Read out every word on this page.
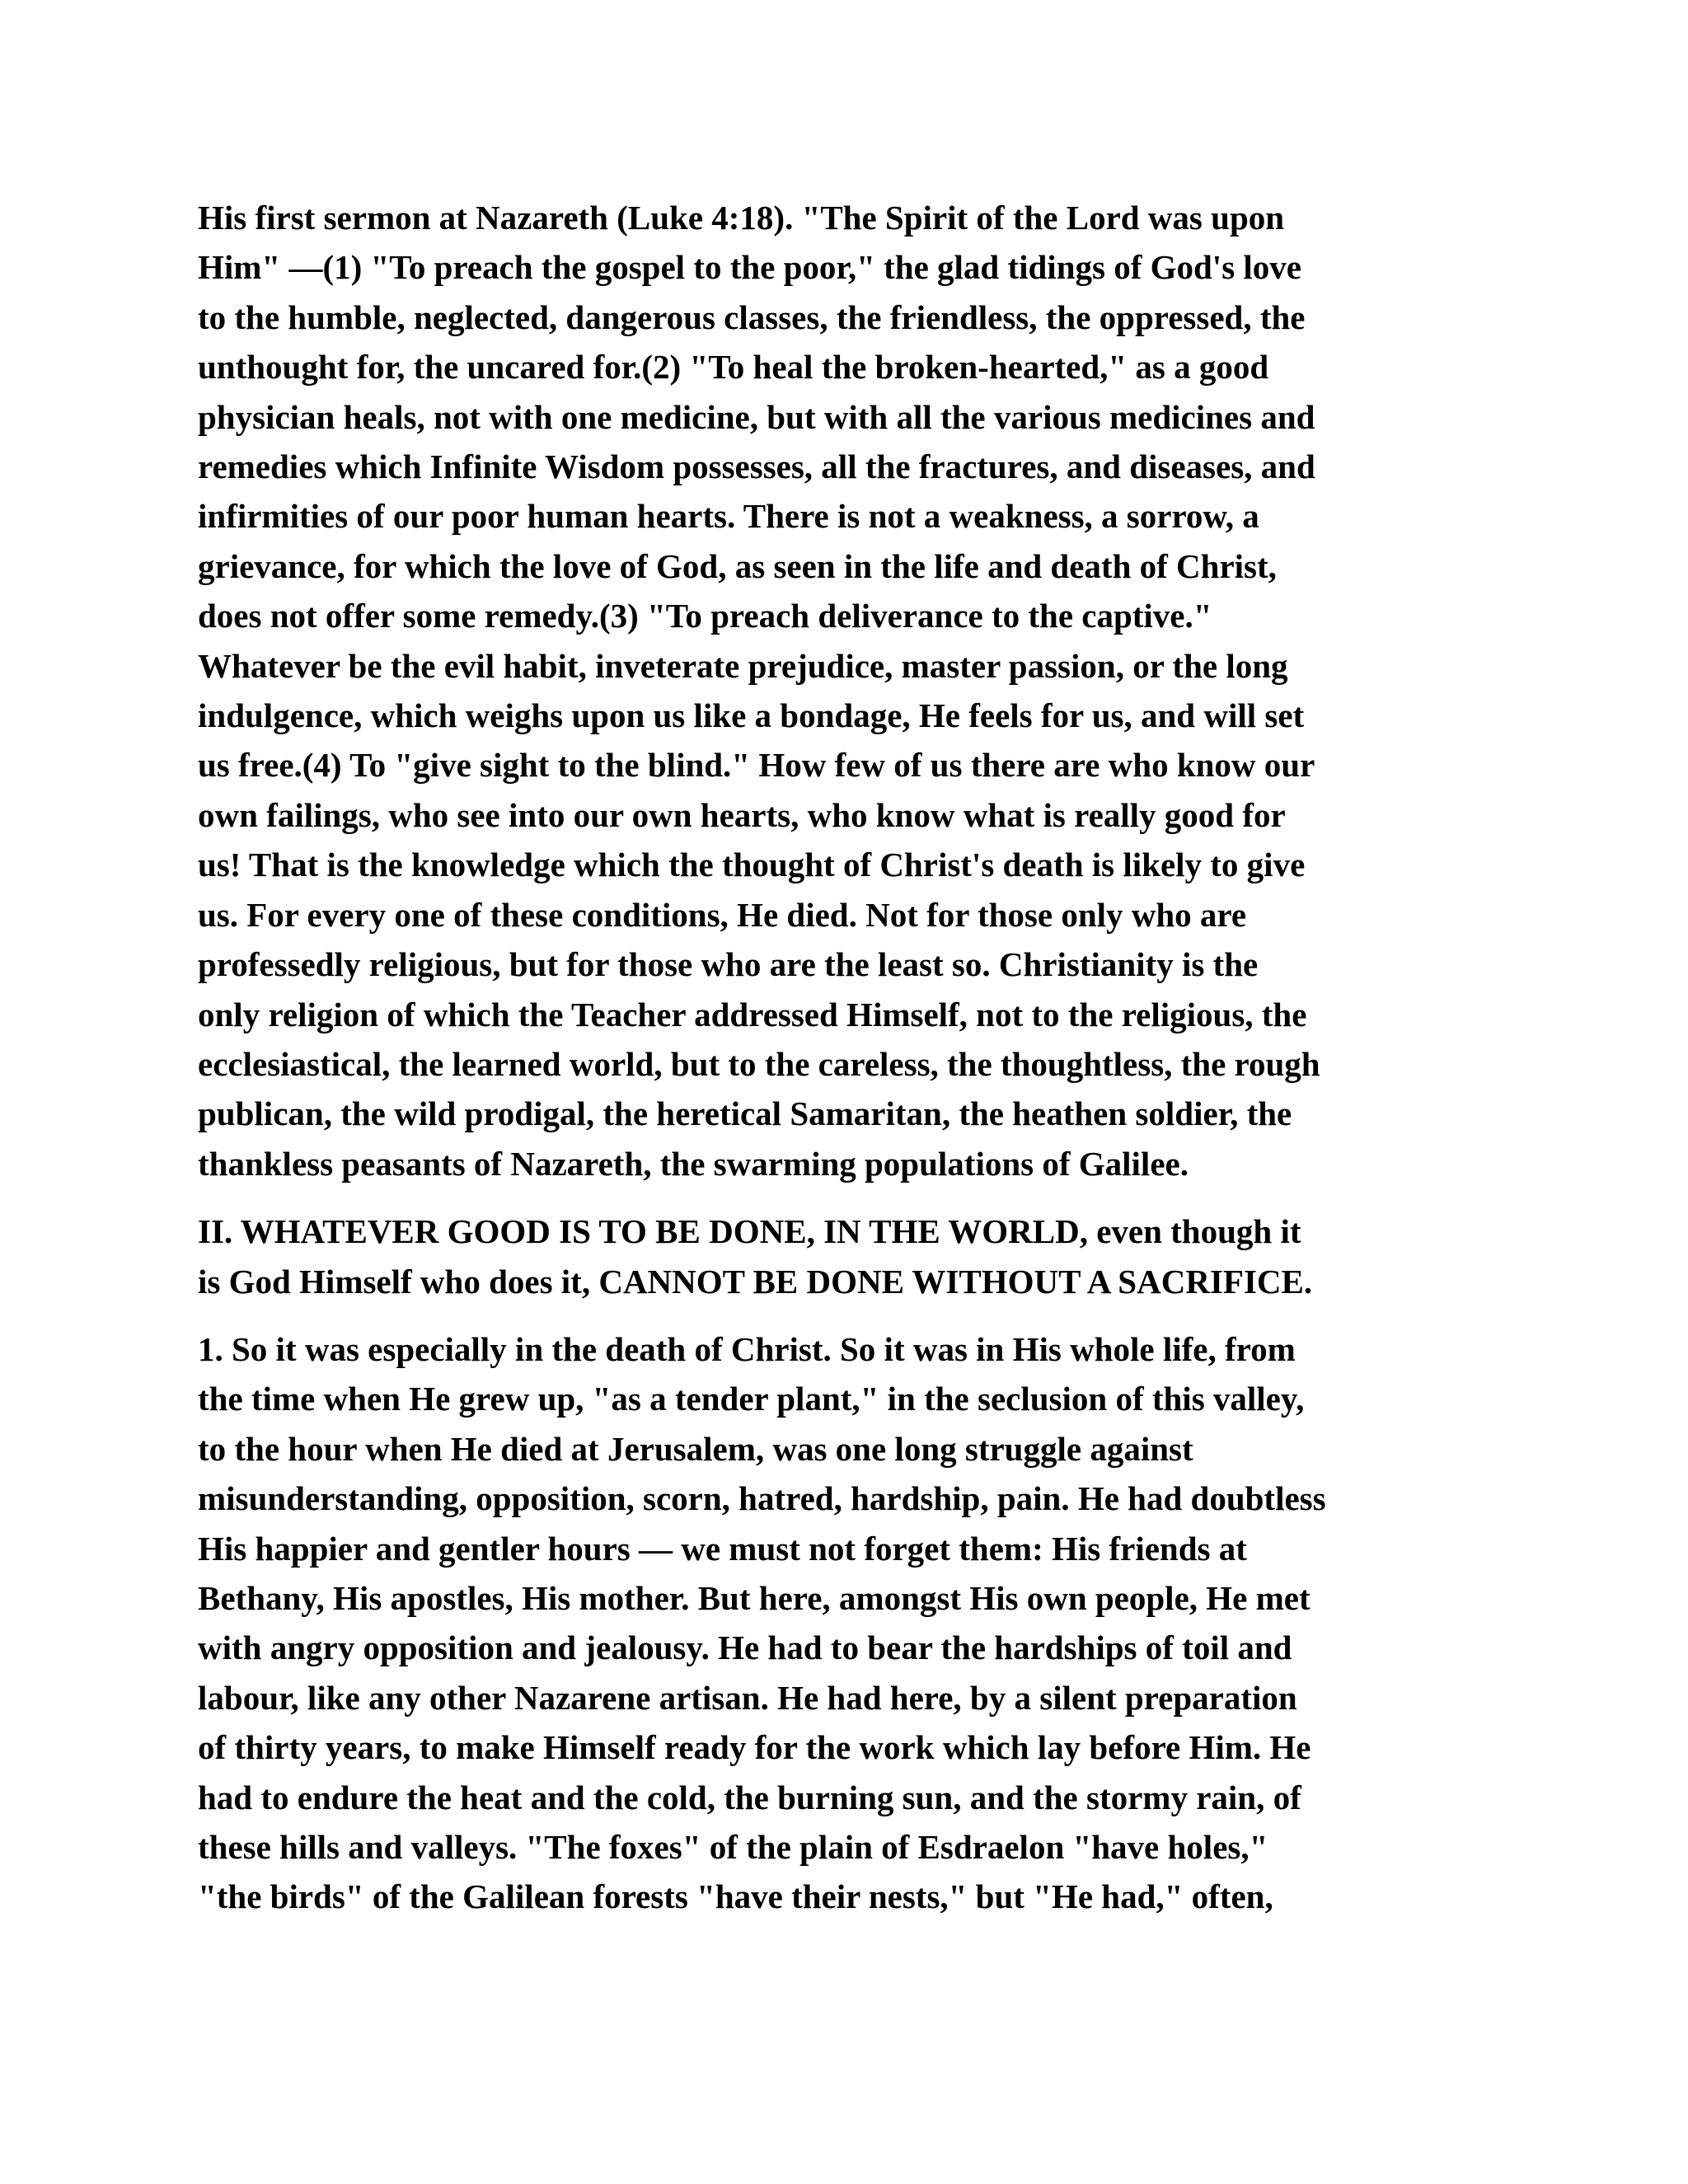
His first sermon at Nazareth (Luke 4:18). "The Spirit of the Lord was upon
Him" —(1) "To preach the gospel to the poor," the glad tidings of God's love
to the humble, neglected, dangerous classes, the friendless, the oppressed, the
unthought for, the uncared for.(2) "To heal the broken-hearted," as a good
physician heals, not with one medicine, but with all the various medicines and
remedies which Infinite Wisdom possesses, all the fractures, and diseases, and
infirmities of our poor human hearts. There is not a weakness, a sorrow, a
grievance, for which the love of God, as seen in the life and death of Christ,
does not offer some remedy.(3) "To preach deliverance to the captive."
Whatever be the evil habit, inveterate prejudice, master passion, or the long
indulgence, which weighs upon us like a bondage, He feels for us, and will set
us free.(4) To "give sight to the blind." How few of us there are who know our
own failings, who see into our own hearts, who know what is really good for
us! That is the knowledge which the thought of Christ's death is likely to give
us. For every one of these conditions, He died. Not for those only who are
professedly religious, but for those who are the least so. Christianity is the
only religion of which the Teacher addressed Himself, not to the religious, the
ecclesiastical, the learned world, but to the careless, the thoughtless, the rough
publican, the wild prodigal, the heretical Samaritan, the heathen soldier, the
thankless peasants of Nazareth, the swarming populations of Galilee.

II. WHATEVER GOOD IS TO BE DONE, IN THE WORLD, even though it
is God Himself who does it, CANNOT BE DONE WITHOUT A SACRIFICE.

1. So it was especially in the death of Christ. So it was in His whole life, from
the time when He grew up, "as a tender plant," in the seclusion of this valley,
to the hour when He died at Jerusalem, was one long struggle against
misunderstanding, opposition, scorn, hatred, hardship, pain. He had doubtless
His happier and gentler hours — we must not forget them: His friends at
Bethany, His apostles, His mother. But here, amongst His own people, He met
with angry opposition and jealousy. He had to bear the hardships of toil and
labour, like any other Nazarene artisan. He had here, by a silent preparation
of thirty years, to make Himself ready for the work which lay before Him. He
had to endure the heat and the cold, the burning sun, and the stormy rain, of
these hills and valleys. "The foxes" of the plain of Esdraelon "have holes,"
"the birds" of the Galilean forests "have their nests," but "He had," often,
